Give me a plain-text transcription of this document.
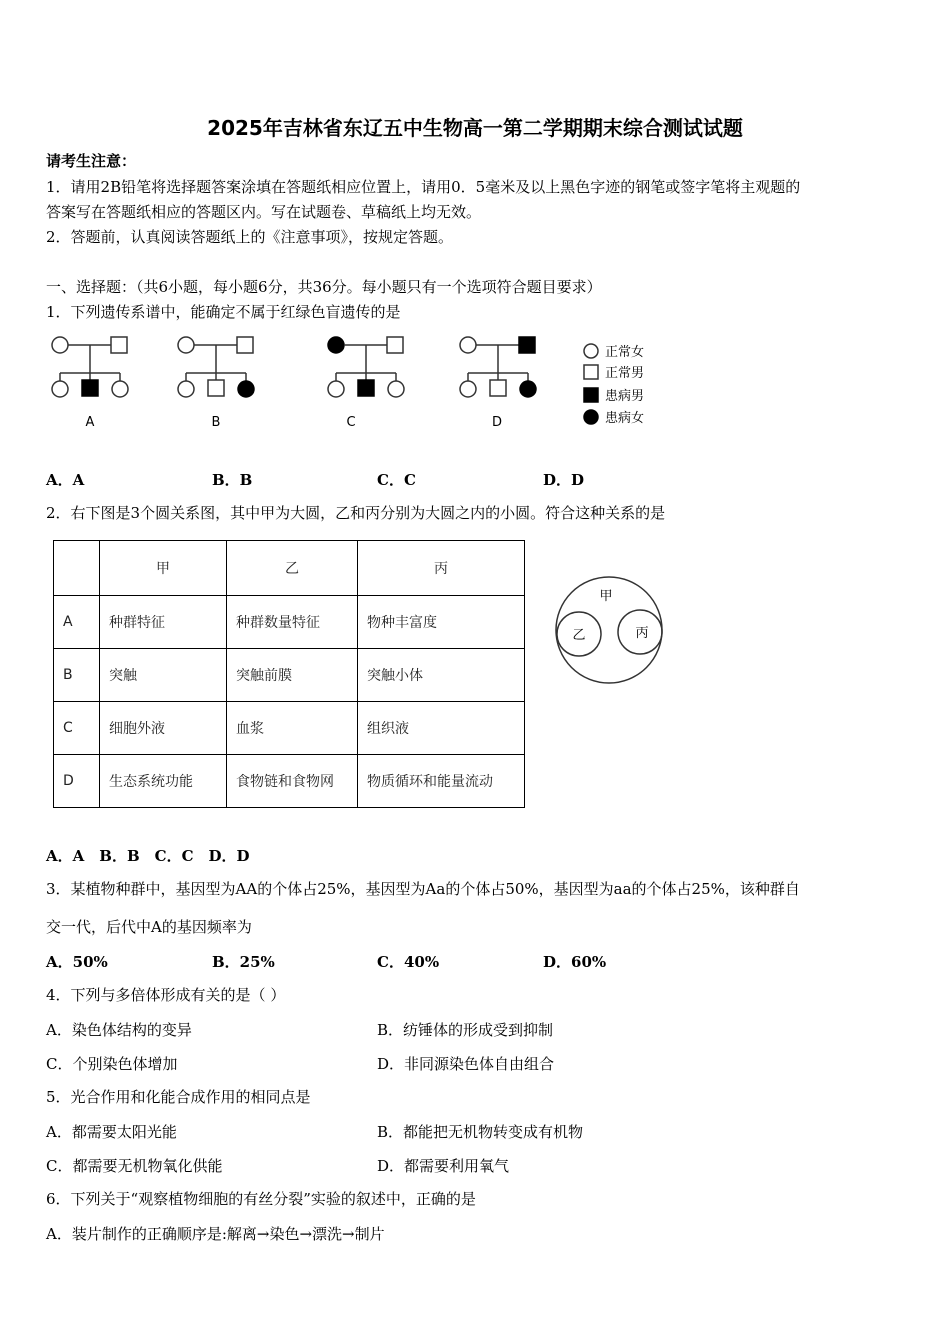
2025年吉林省东辽五中生物高一第二学期期末综合测试试题
请考生注意：
1．请用2B铅笔将选择题答案涂填在答题纸相应位置上，请用0．5毫米及以上黑色字迹的钢笔或签字笔将主观题的
答案写在答题纸相应的答题区内。写在试题卷、草稿纸上均无效。
2．答题前，认真阅读答题纸上的《注意事项》，按规定答题。
一、选择题：（共6小题，每小题6分，共36分。每小题只有一个选项符合题目要求）
1．下列遗传系谱中，能确定不属于红绿色盲遗传的是
A	B	C	D
正常女
正常男
患病男
患病女
A．A	B．B	C．C	D．D
2．右下图是3个圆关系图，其中甲为大圆，乙和丙分别为大圆之内的小圆。符合这种关系的是
	甲	乙	丙
A	种群特征	种群数量特征	物种丰富度
B	突触	突触前膜	突触小体
C	细胞外液	血浆	组织液
D	生态系统功能	食物链和食物网	物质循环和能量流动
甲
乙	丙
A．A　B．B　C．C　D．D
3．某植物种群中，基因型为AA的个体占25%，基因型为Aa的个体占50%，基因型为aa的个体占25%，该种群自
交一代，后代中A的基因频率为
A．50%	B．25%	C．40%	D．60%
4．下列与多倍体形成有关的是（ ）
A．染色体结构的变异	B．纺锤体的形成受到抑制
C．个别染色体增加	D．非同源染色体自由组合
5．光合作用和化能合成作用的相同点是
A．都需要太阳光能	B．都能把无机物转变成有机物
C．都需要无机物氧化供能	D．都需要利用氧气
6．下列关于“观察植物细胞的有丝分裂”实验的叙述中，正确的是
A．装片制作的正确顺序是:解离→染色→漂洗→制片
